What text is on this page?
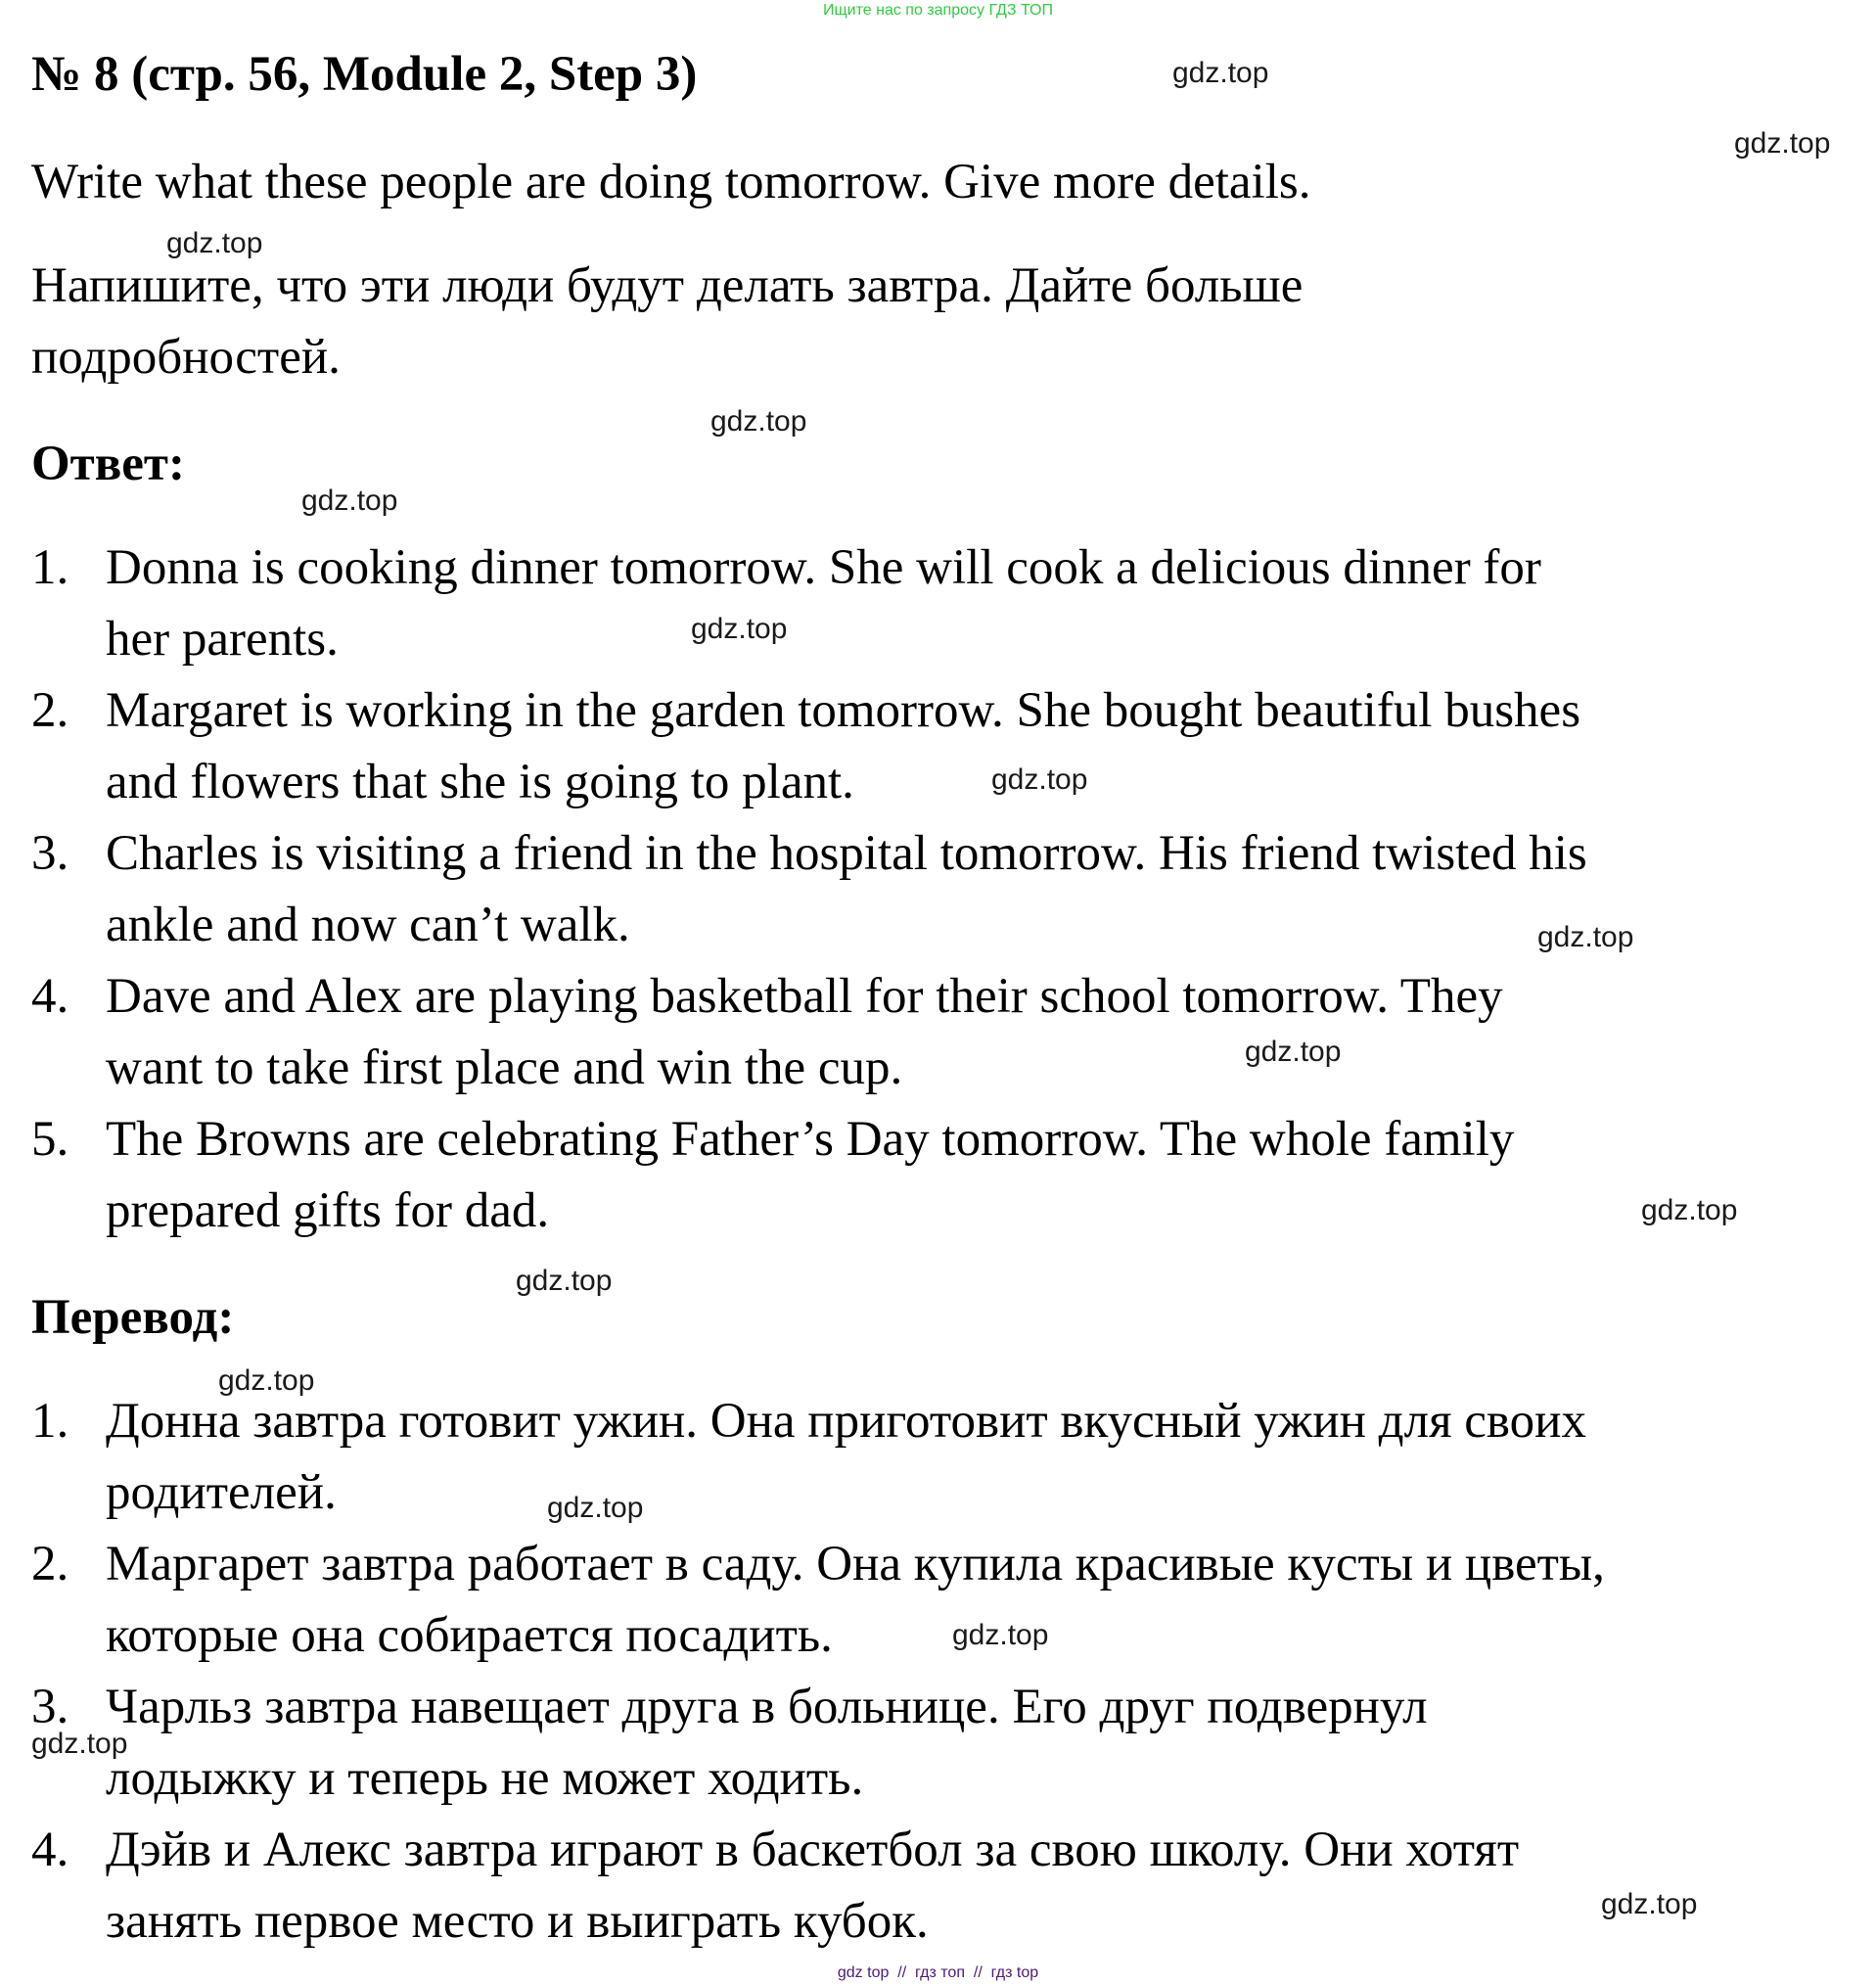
Ищите нас по запросу ГДЗ ТОП
№ 8 (стр. 56, Module 2, Step 3)
Write what these people are doing tomorrow. Give more details.
Напишите, что эти люди будут делать завтра. Дайте больше
подробностей.
Ответ:
1. Donna is cooking dinner tomorrow. She will cook a delicious dinner for
her parents.
2. Margaret is working in the garden tomorrow. She bought beautiful bushes
and flowers that she is going to plant.
3. Charles is visiting a friend in the hospital tomorrow. His friend twisted his
ankle and now can’t walk.
4. Dave and Alex are playing basketball for their school tomorrow. They
want to take first place and win the cup.
5. The Browns are celebrating Father’s Day tomorrow. The whole family
prepared gifts for dad.
Перевод:
1. Донна завтра готовит ужин. Она приготовит вкусный ужин для своих
родителей.
2. Маргарет завтра работает в саду. Она купила красивые кусты и цветы,
которые она собирается посадить.
3. Чарльз завтра навещает друга в больнице. Его друг подвернул
лодыжку и теперь не может ходить.
4. Дэйв и Алекс завтра играют в баскетбол за свою школу. Они хотят
занять первое место и выиграть кубок.
gdz.top
gdz.top
gdz.top
gdz.top
gdz.top
gdz.top
gdz.top
gdz.top
gdz.top
gdz.top
gdz.top
gdz.top
gdz.top
gdz.top
gdz.top
gdz.top
gdz top  //  гдз топ  //  гдз top
